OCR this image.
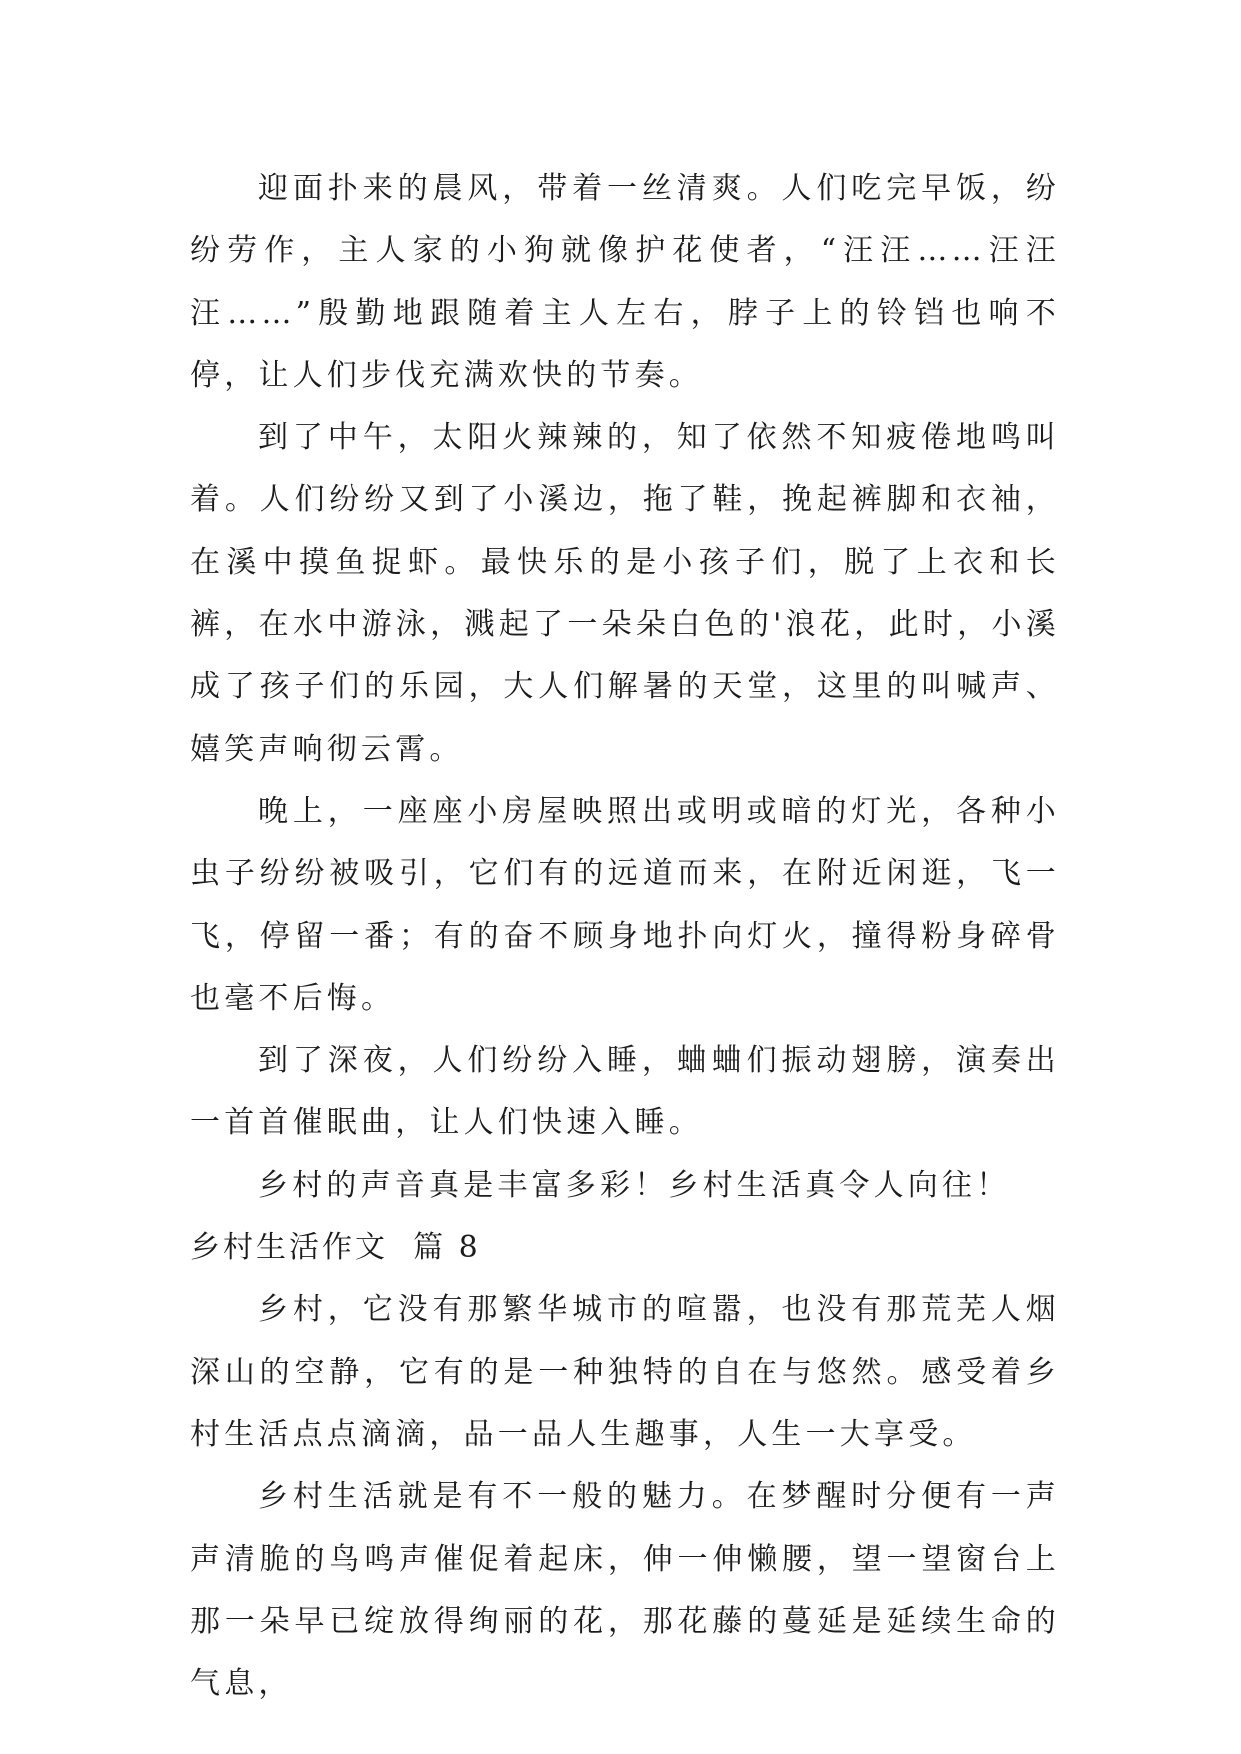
迎面扑来的晨风，带着一丝清爽。人们吃完早饭，纷纷劳作，主人家的小狗就像护花使者，“汪汪……汪汪汪……”殷勤地跟随着主人左右，脖子上的铃铛也响不停，让人们步伐充满欢快的节奏。

到了中午，太阳火辣辣的，知了依然不知疲倦地鸣叫着。人们纷纷又到了小溪边，拖了鞋，挽起裤脚和衣袖，在溪中摸鱼捉虾。最快乐的是小孩子们，脱了上衣和长裤，在水中游泳，溅起了一朵朵白色的'浪花，此时，小溪成了孩子们的乐园，大人们解暑的天堂，这里的叫喊声、嬉笑声响彻云霄。

晚上，一座座小房屋映照出或明或暗的灯光，各种小虫子纷纷被吸引，它们有的远道而来，在附近闲逛，飞一飞，停留一番；有的奋不顾身地扑向灯火，撞得粉身碎骨也毫不后悔。

到了深夜，人们纷纷入睡，蛐蛐们振动翅膀，演奏出一首首催眠曲，让人们快速入睡。

乡村的声音真是丰富多彩！乡村生活真令人向往！

乡村生活作文  篇 8

乡村，它没有那繁华城市的喧嚣，也没有那荒芜人烟深山的空静，它有的是一种独特的自在与悠然。感受着乡村生活点点滴滴，品一品人生趣事，人生一大享受。

乡村生活就是有不一般的魅力。在梦醒时分便有一声声清脆的鸟鸣声催促着起床，伸一伸懒腰，望一望窗台上那一朵早已绽放得绚丽的花，那花藤的蔓延是延续生命的气息，
